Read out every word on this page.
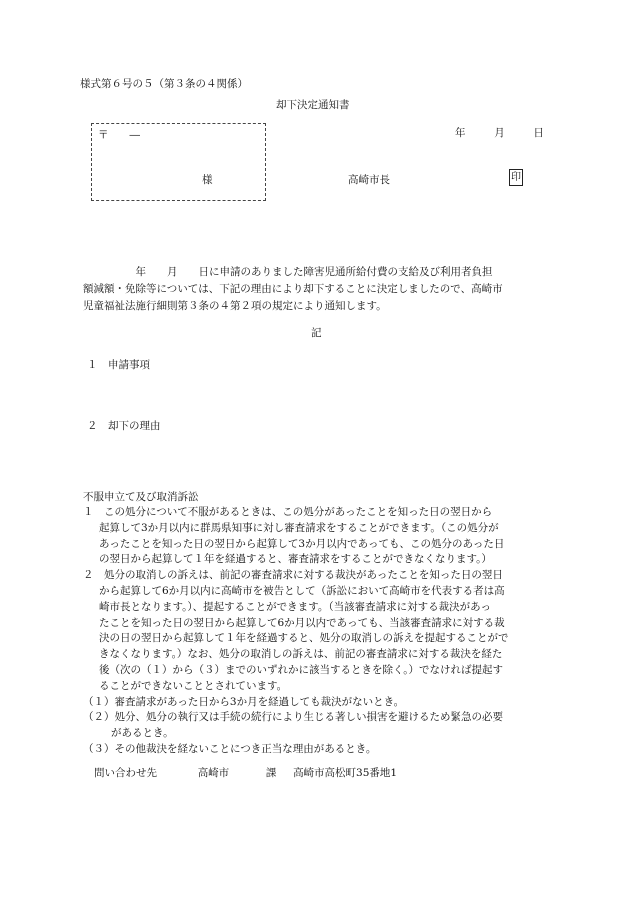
様式第６号の５（第３条の４関係）
却下決定通知書
〒　　―	年	月	日
様	高崎市長	印
　　　　　年　　月　　日に申請のありました障害児通所給付費の支給及び利用者負担
額減額・免除等については、下記の理由により却下することに決定しましたので、高崎市
児童福祉法施行細則第３条の４第２項の規定により通知します。
記
１　申請事項
２　却下の理由
不服申立て及び取消訴訟
１　この処分について不服があるときは、この処分があったことを知った日の翌日から
起算して3か月以内に群馬県知事に対し審査請求をすることができます。（この処分が
あったことを知った日の翌日から起算して3か月以内であっても、この処分のあった日
の翌日から起算して１年を経過すると、審査請求をすることができなくなります。）
２　処分の取消しの訴えは、前記の審査請求に対する裁決があったことを知った日の翌日
から起算して6か月以内に高崎市を被告として（訴訟において高崎市を代表する者は高
崎市長となります。）、提起することができます。（当該審査請求に対する裁決があっ
たことを知った日の翌日から起算して6か月以内であっても、当該審査請求に対する裁
決の日の翌日から起算して１年を経過すると、処分の取消しの訴えを提起することがで
きなくなります。）なお、処分の取消しの訴えは、前記の審査請求に対する裁決を経た
後（次の（１）から（３）までのいずれかに該当するときを除く。）でなければ提起す
ることができないこととされています。
（１）審査請求があった日から3か月を経過しても裁決がないとき。
（２）処分、処分の執行又は手続の続行により生じる著しい損害を避けるため緊急の必要
があるとき。
（３）その他裁決を経ないことにつき正当な理由があるとき。
問い合わせ先	高崎市	課 高崎市高松町35番地1
